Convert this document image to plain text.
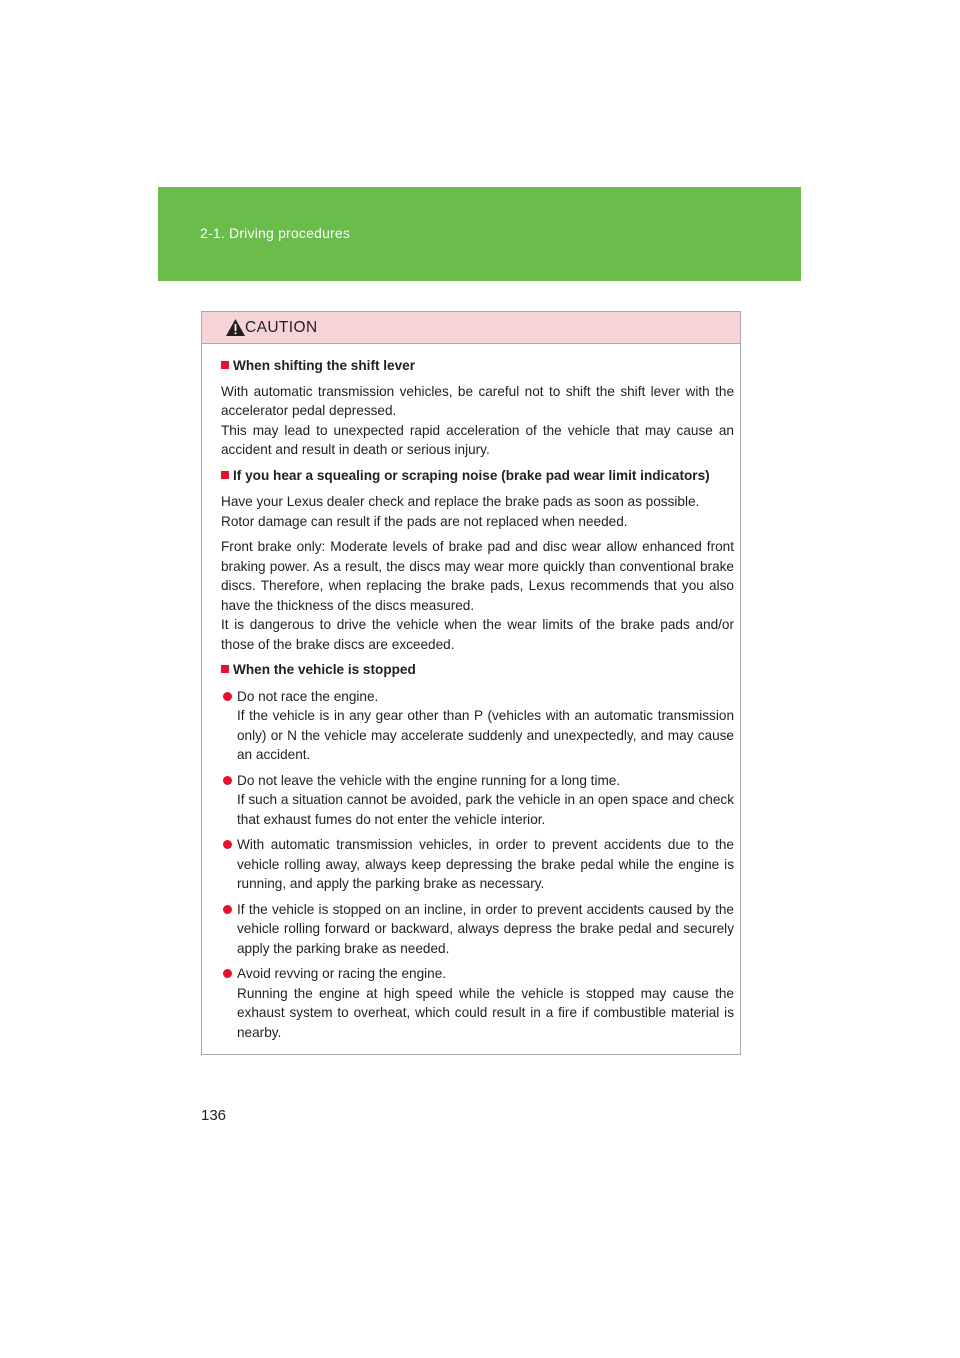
2-1. Driving procedures
CAUTION
When shifting the shift lever
With automatic transmission vehicles, be careful not to shift the shift lever with the accelerator pedal depressed.
This may lead to unexpected rapid acceleration of the vehicle that may cause an accident and result in death or serious injury.
If you hear a squealing or scraping noise (brake pad wear limit indicators)
Have your Lexus dealer check and replace the brake pads as soon as possible.
Rotor damage can result if the pads are not replaced when needed.
Front brake only: Moderate levels of brake pad and disc wear allow enhanced front braking power. As a result, the discs may wear more quickly than conventional brake discs. Therefore, when replacing the brake pads, Lexus recommends that you also have the thickness of the discs measured.
It is dangerous to drive the vehicle when the wear limits of the brake pads and/or those of the brake discs are exceeded.
When the vehicle is stopped
Do not race the engine.
If the vehicle is in any gear other than P (vehicles with an automatic transmission only) or N the vehicle may accelerate suddenly and unexpectedly, and may cause an accident.
Do not leave the vehicle with the engine running for a long time.
If such a situation cannot be avoided, park the vehicle in an open space and check that exhaust fumes do not enter the vehicle interior.
With automatic transmission vehicles, in order to prevent accidents due to the vehicle rolling away, always keep depressing the brake pedal while the engine is running, and apply the parking brake as necessary.
If the vehicle is stopped on an incline, in order to prevent accidents caused by the vehicle rolling forward or backward, always depress the brake pedal and securely apply the parking brake as needed.
Avoid revving or racing the engine.
Running the engine at high speed while the vehicle is stopped may cause the exhaust system to overheat, which could result in a fire if combustible material is nearby.
136
